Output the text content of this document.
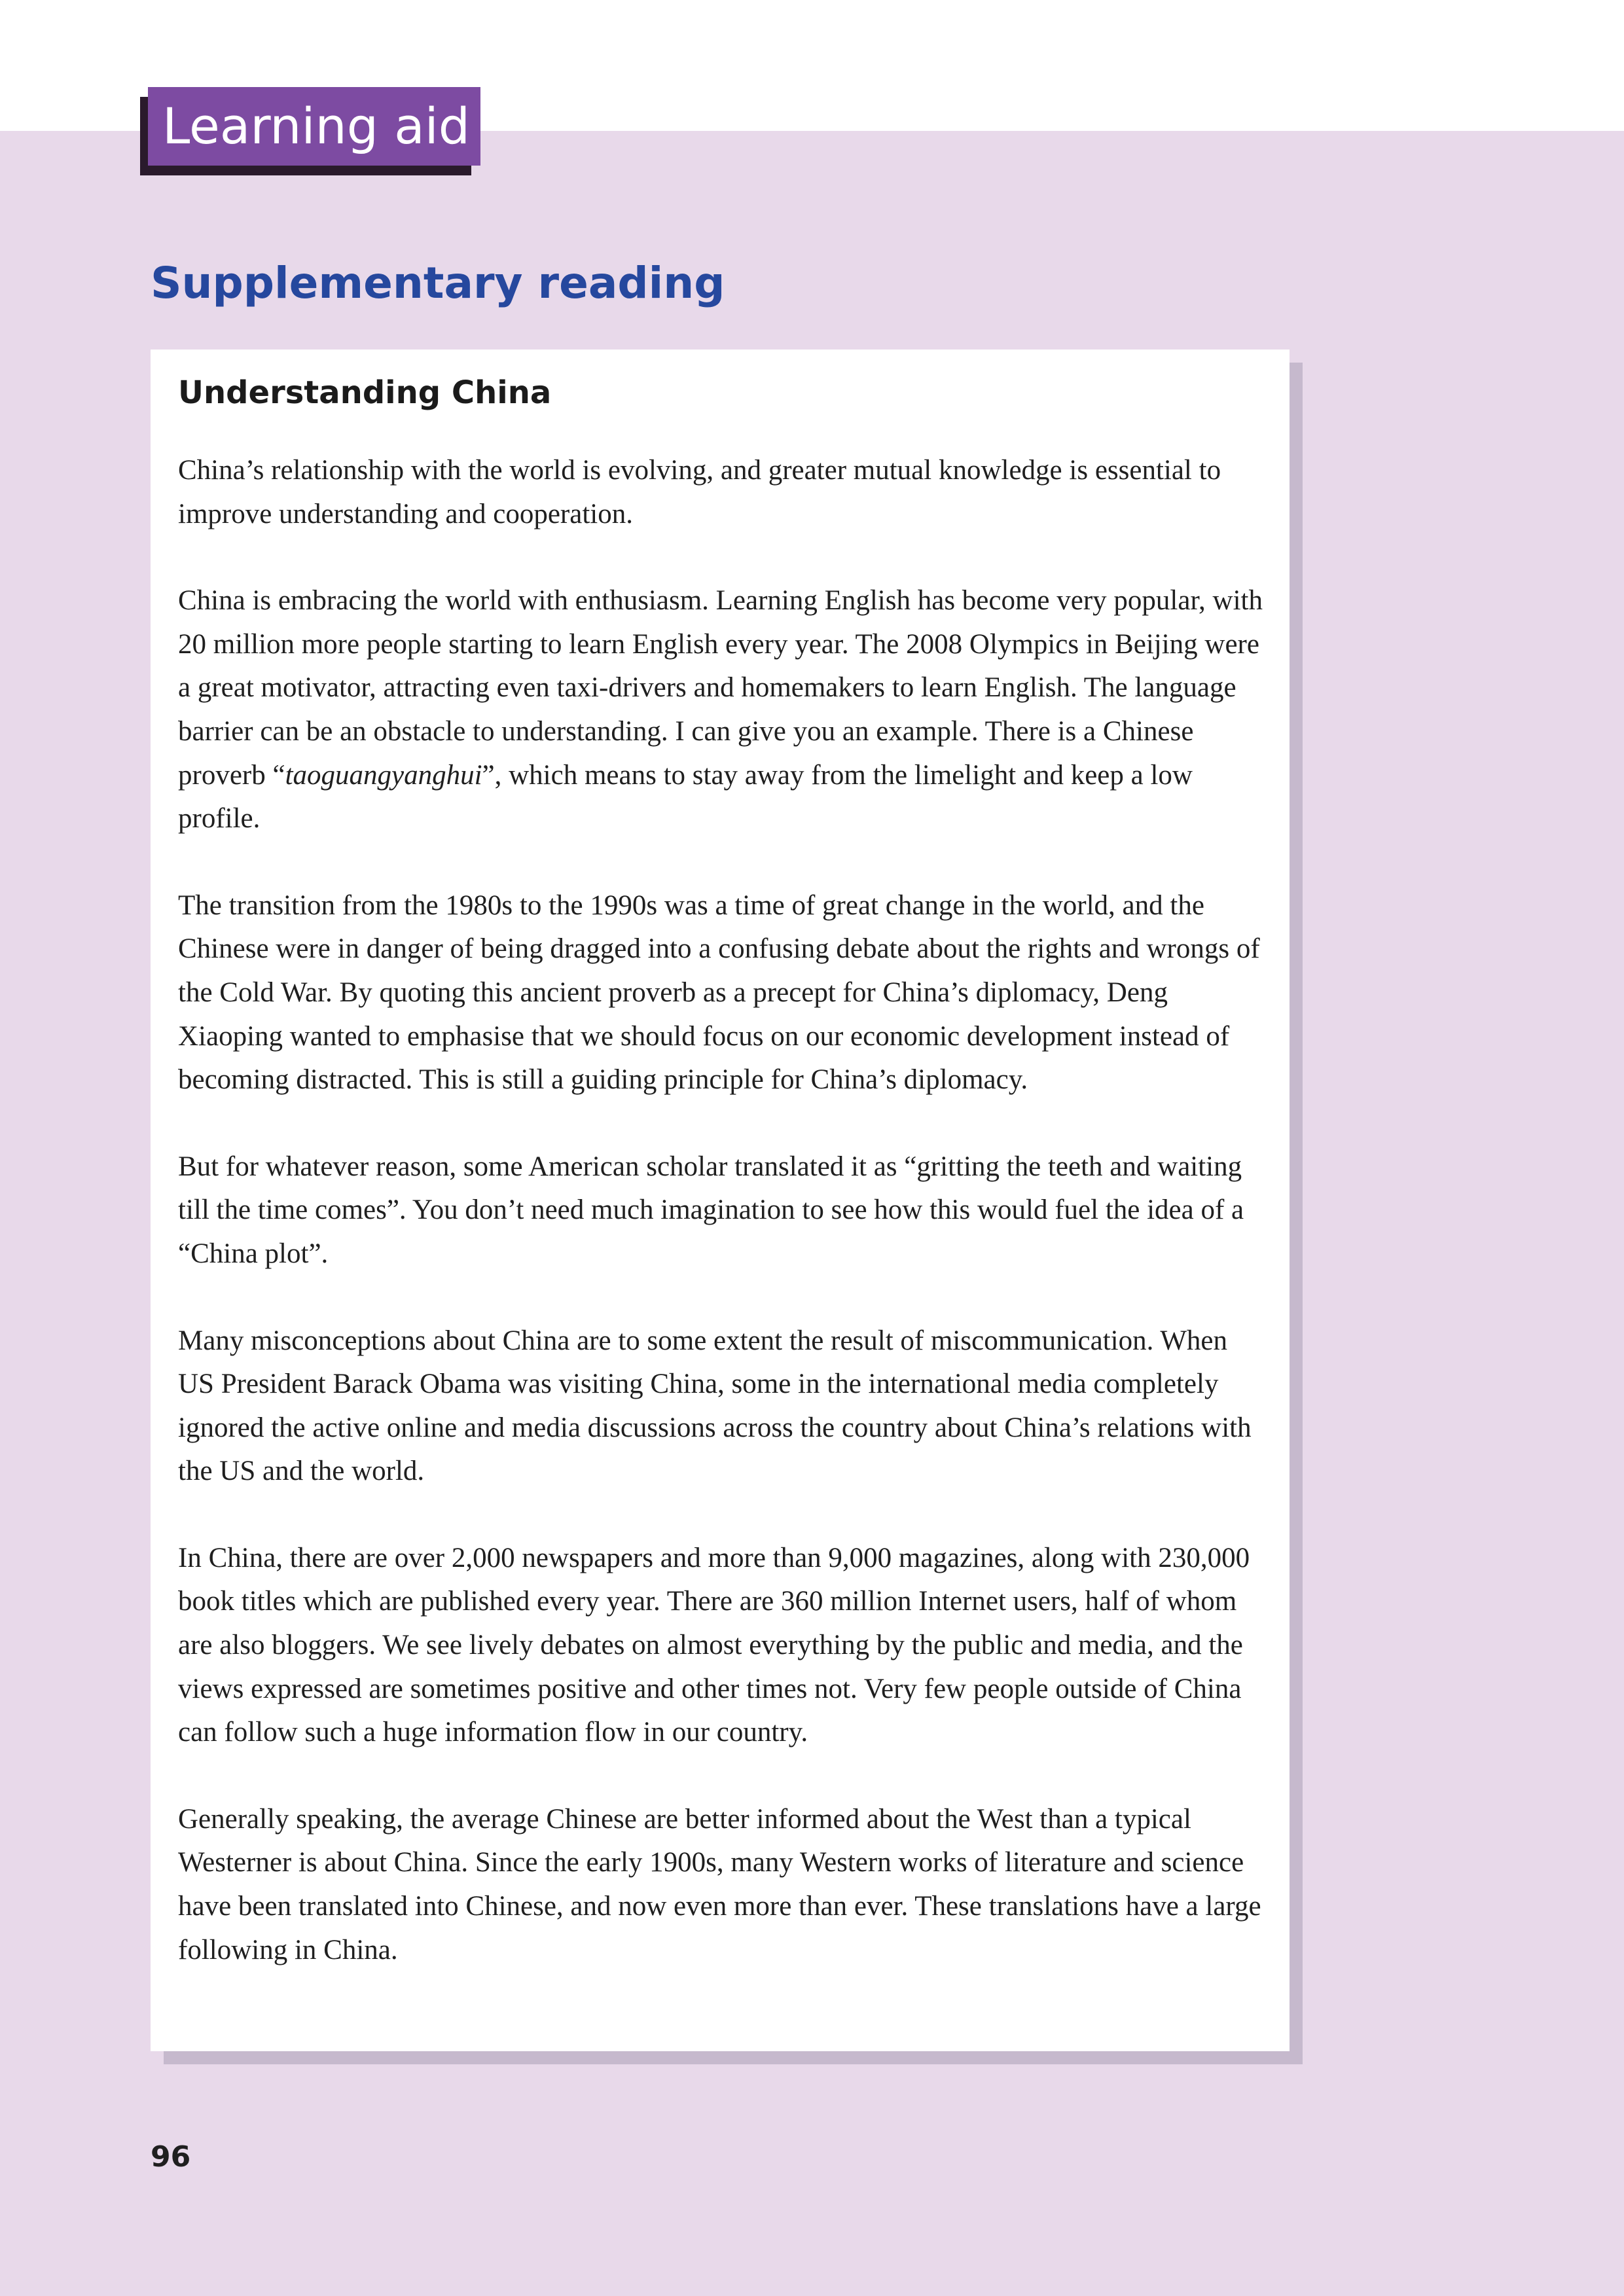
Learning aid
Supplementary reading
Understanding China

China’s relationship with the world is evolving, and greater mutual knowledge is essential to improve understanding and cooperation.

China is embracing the world with enthusiasm. Learning English has become very popular, with 20 million more people starting to learn English every year. The 2008 Olympics in Beijing were a great motivator, attracting even taxi-drivers and homemakers to learn English. The language barrier can be an obstacle to understanding. I can give you an example. There is a Chinese proverb “taoguangyanghui”, which means to stay away from the limelight and keep a low profile.

The transition from the 1980s to the 1990s was a time of great change in the world, and the Chinese were in danger of being dragged into a confusing debate about the rights and wrongs of the Cold War. By quoting this ancient proverb as a precept for China’s diplomacy, Deng Xiaoping wanted to emphasise that we should focus on our economic development instead of becoming distracted. This is still a guiding principle for China’s diplomacy.

But for whatever reason, some American scholar translated it as “gritting the teeth and waiting till the time comes”. You don’t need much imagination to see how this would fuel the idea of a “China plot”.

Many misconceptions about China are to some extent the result of miscommunication. When US President Barack Obama was visiting China, some in the international media completely ignored the active online and media discussions across the country about China’s relations with the US and the world.

In China, there are over 2,000 newspapers and more than 9,000 magazines, along with 230,000 book titles which are published every year. There are 360 million Internet users, half of whom are also bloggers. We see lively debates on almost everything by the public and media, and the views expressed are sometimes positive and other times not. Very few people outside of China can follow such a huge information flow in our country.

Generally speaking, the average Chinese are better informed about the West than a typical Westerner is about China. Since the early 1900s, many Western works of literature and science have been translated into Chinese, and now even more than ever. These translations have a large following in China.

96
